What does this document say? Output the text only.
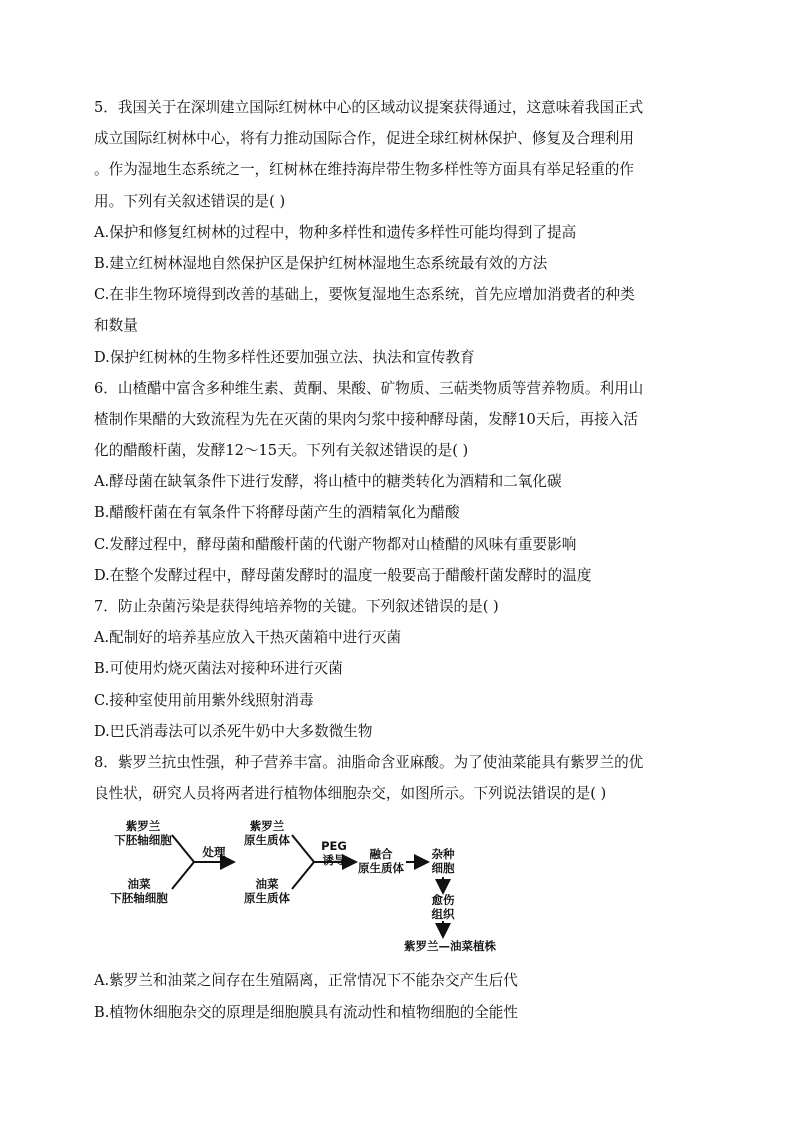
5．我国关于在深圳建立国际红树林中心的区域动议提案获得通过，这意味着我国正式
成立国际红树林中心，将有力推动国际合作，促进全球红树林保护、修复及合理利用
。作为湿地生态系统之一，红树林在维持海岸带生物多样性等方面具有举足轻重的作
用。下列有关叙述错误的是( )
A.保护和修复红树林的过程中，物种多样性和遗传多样性可能均得到了提高
B.建立红树林湿地自然保护区是保护红树林湿地生态系统最有效的方法
C.在非生物环境得到改善的基础上，要恢复湿地生态系统，首先应增加消费者的种类
和数量
D.保护红树林的生物多样性还要加强立法、执法和宣传教育
6．山楂醋中富含多种维生素、黄酮、果酸、矿物质、三萜类物质等营养物质。利用山
楂制作果醋的大致流程为先在灭菌的果肉匀浆中接种酵母菌，发酵10天后，再接入活
化的醋酸杆菌，发酵12～15天。下列有关叙述错误的是( )
A.酵母菌在缺氧条件下进行发酵，将山楂中的糖类转化为酒精和二氧化碳
B.醋酸杆菌在有氧条件下将酵母菌产生的酒精氧化为醋酸
C.发酵过程中，酵母菌和醋酸杆菌的代谢产物都对山楂醋的风味有重要影响
D.在整个发酵过程中，酵母菌发酵时的温度一般要高于醋酸杆菌发酵时的温度
7．防止杂菌污染是获得纯培养物的关键。下列叙述错误的是( )
A.配制好的培养基应放入干热灭菌箱中进行灭菌
B.可使用灼烧灭菌法对接种环进行灭菌
C.接种室使用前用紫外线照射消毒
D.巴氏消毒法可以杀死牛奶中大多数微生物
8．紫罗兰抗虫性强，种子营养丰富。油脂命含亚麻酸。为了使油菜能具有紫罗兰的优
良性状，研究人员将两者进行植物体细胞杂交，如图所示。下列说法错误的是( )
紫罗兰
下胚轴细胞
油菜
下胚轴细胞
处理
紫罗兰
原生质体
油菜
原生质体
PEG
诱导	融合
原生质体
杂种
细胞
愈伤
组织
紫罗兰—油菜植株
A.紫罗兰和油菜之间存在生殖隔离，正常情况下不能杂交产生后代
B.植物休细胞杂交的原理是细胞膜具有流动性和植物细胞的全能性
